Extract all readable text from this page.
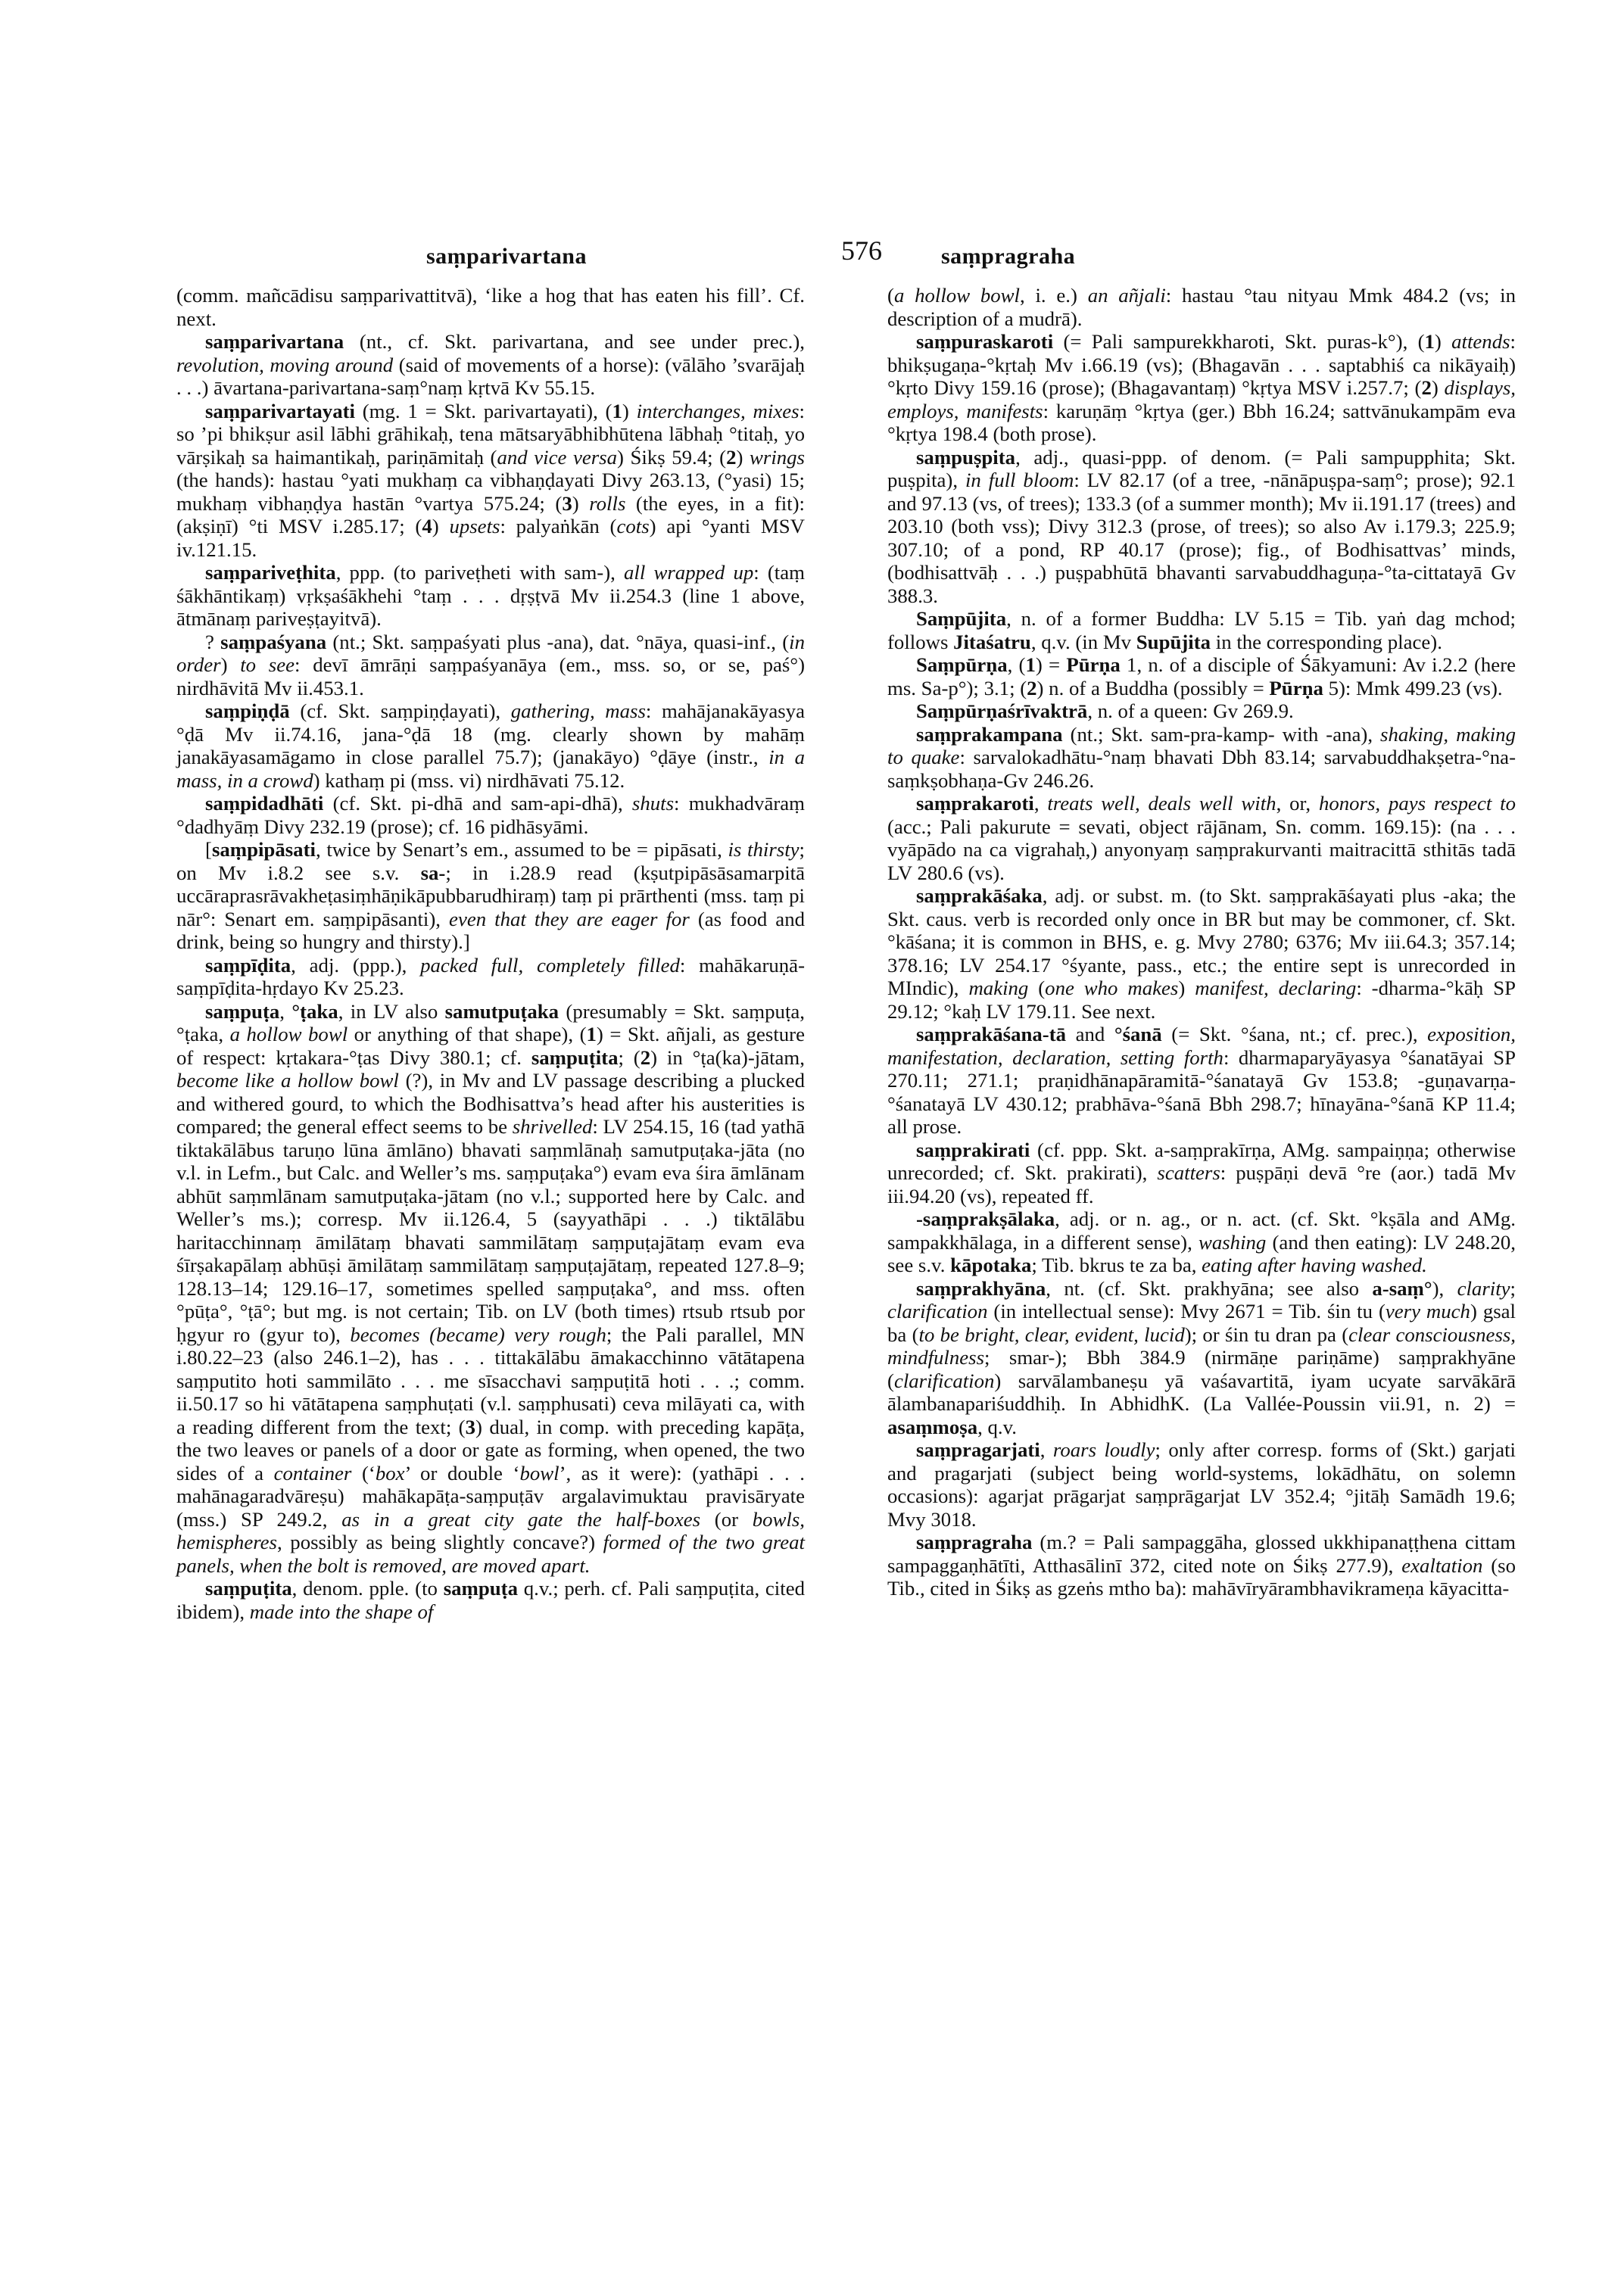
saṃparivartana	576	saṃpragraha

(comm. mañcādisu saṃparivattitvā), ‘like a hog that has eaten his fill’. Cf. next.

saṃparivartana (nt., cf. Skt. parivartana, and see under prec.), revolution, moving around (said of movements of a horse): (vālāho ’svarājaḥ . . .) āvartana-parivartana-saṃ°naṃ kṛtvā Kv 55.15.

saṃparivartayati (mg. 1 = Skt. parivartayati), (1) interchanges, mixes: so ’pi bhikṣur asil lābhi grāhikaḥ, tena mātsaryābhibhūtena lābhaḥ °titaḥ, yo vārṣikaḥ sa haimantikaḥ, pariṇāmitaḥ (and vice versa) Śikṣ 59.4; (2) wrings (the hands): hastau °yati mukhaṃ ca vibhaṇḍayati Divy 263.13, (°yasi) 15; mukhaṃ vibhaṇḍya hastān °vartya 575.24; (3) rolls (the eyes, in a fit): (akṣiṇī) °ti MSV i.285.17; (4) upsets: palyaṅkān (cots) api °yanti MSV iv.121.15.

saṃpariveṭhita, ppp. (to pariveṭheti with sam-), all wrapped up: (taṃ śākhāntikaṃ) vṛkṣaśākhehi °taṃ . . . dṛṣṭvā Mv ii.254.3 (line 1 above, ātmānaṃ pariveṣṭayitvā).

? saṃpaśyana (nt.; Skt. saṃpaśyati plus -ana), dat. °nāya, quasi-inf., (in order) to see: devī āmrāṇi saṃpaśyanāya (em., mss. so, or se, paś°) nirdhāvitā Mv ii.453.1.

saṃpiṇḍā (cf. Skt. saṃpiṇḍayati), gathering, mass: mahājanakāyasya °ḍā Mv ii.74.16, jana-°ḍā 18 (mg. clearly shown by mahāṃ janakāyasamāgamo in close parallel 75.7); (janakāyo) °ḍāye (instr., in a mass, in a crowd) kathaṃ pi (mss. vi) nirdhāvati 75.12.

saṃpidadhāti (cf. Skt. pi-dhā and sam-api-dhā), shuts: mukhadvāraṃ °dadhyāṃ Divy 232.19 (prose); cf. 16 pidhāsyāmi.

[saṃpipāsati, twice by Senart’s em., assumed to be = pipāsati, is thirsty; on Mv i.8.2 see s.v. sa-; in i.28.9 read (kṣutpipāsāsamarpitā uccāraprasrāvakheṭasiṃhāṇikāpubbarudhiraṃ) taṃ pi prārthenti (mss. taṃ pi nār°: Senart em. saṃpipāsanti), even that they are eager for (as food and drink, being so hungry and thirsty).]

saṃpīḍita, adj. (ppp.), packed full, completely filled: mahākaruṇā-saṃpīḍita-hṛdayo Kv 25.23.

saṃpuṭa, °ṭaka, in LV also samutpuṭaka (presumably = Skt. saṃpuṭa, °ṭaka, a hollow bowl or anything of that shape), (1) = Skt. añjali, as gesture of respect: kṛtakara-°ṭas Divy 380.1; cf. saṃpuṭita; (2) in °ṭa(ka)-jātam, become like a hollow bowl (?), in Mv and LV passage describing a plucked and withered gourd, to which the Bodhisattva’s head after his austerities is compared; the general effect seems to be shrivelled: LV 254.15, 16 (tad yathā tiktakālābus taruṇo lūna āmlāno) bhavati saṃmlānaḥ samutpuṭaka-jāta (no v.l. in Lefm., but Calc. and Weller’s ms. saṃpuṭaka°) evam eva śira āmlānam abhūt saṃmlānam samutpuṭaka-jātam (no v.l.; supported here by Calc. and Weller’s ms.); corresp. Mv ii.126.4, 5 (sayyathāpi . . .) tiktālābu haritacchinnaṃ āmilātaṃ bhavati sammilātaṃ saṃpuṭajātaṃ evam eva śīrṣakapālaṃ abhūṣi āmilātaṃ sammilātaṃ saṃpuṭajātaṃ, repeated 127.8–9; 128.13–14; 129.16–17, sometimes spelled saṃpuṭaka°, and mss. often °pūṭa°, °ṭā°; but mg. is not certain; Tib. on LV (both times) rtsub rtsub por ḥgyur ro (gyur to), becomes (became) very rough; the Pali parallel, MN i.80.22–23 (also 246.1–2), has . . . tittakālābu āmakacchinno vātātapena saṃputito hoti sammilāto . . . me sīsacchavi saṃpuṭitā hoti . . .; comm. ii.50.17 so hi vātātapena saṃphuṭati (v.l. saṃphusati) ceva milāyati ca, with a reading different from the text; (3) dual, in comp. with preceding kapāṭa, the two leaves or panels of a door or gate as forming, when opened, the two sides of a container (‘box’ or double ‘bowl’, as it were): (yathāpi . . . mahānagaradvāreṣu) mahākapāṭa-saṃpuṭāv argalavimuktau pravisāryate (mss.) SP 249.2, as in a great city gate the half-boxes (or bowls, hemispheres, possibly as being slightly concave?) formed of the two great panels, when the bolt is removed, are moved apart.

saṃpuṭita, denom. pple. (to saṃpuṭa q.v.; perh. cf. Pali saṃpuṭita, cited ibidem), made into the shape of

(a hollow bowl, i. e.) an añjali: hastau °tau nityau Mmk 484.2 (vs; in description of a mudrā).

saṃpuraskaroti (= Pali sampurekkharoti, Skt. puras-k°), (1) attends: bhikṣugaṇa-°kṛtaḥ Mv i.66.19 (vs); (Bhagavān . . . saptabhiś ca nikāyaiḥ) °kṛto Divy 159.16 (prose); (Bhagavantaṃ) °kṛtya MSV i.257.7; (2) displays, employs, manifests: karuṇāṃ °kṛtya (ger.) Bbh 16.24; sattvānukampām eva °kṛtya 198.4 (both prose).

saṃpuṣpita, adj., quasi-ppp. of denom. (= Pali sampupphita; Skt. puṣpita), in full bloom: LV 82.17 (of a tree, -nānāpuṣpa-saṃ°; prose); 92.1 and 97.13 (vs, of trees); 133.3 (of a summer month); Mv ii.191.17 (trees) and 203.10 (both vss); Divy 312.3 (prose, of trees); so also Av i.179.3; 225.9; 307.10; of a pond, RP 40.17 (prose); fig., of Bodhisattvas’ minds, (bodhisattvāḥ . . .) puṣpabhūtā bhavanti sarvabuddhaguṇa-°ta-cittatayā Gv 388.3.

Saṃpūjita, n. of a former Buddha: LV 5.15 = Tib. yaṅ dag mchod; follows Jitaśatru, q.v. (in Mv Supūjita in the corresponding place).

Saṃpūrṇa, (1) = Pūrṇa 1, n. of a disciple of Śākyamuni: Av i.2.2 (here ms. Sa-p°); 3.1; (2) n. of a Buddha (possibly = Pūrṇa 5): Mmk 499.23 (vs).

Saṃpūrṇaśrīvaktrā, n. of a queen: Gv 269.9.

saṃprakampana (nt.; Skt. sam-pra-kamp- with -ana), shaking, making to quake: sarvalokadhātu-°naṃ bhavati Dbh 83.14; sarvabuddhakṣetra-°na-saṃkṣobhaṇa-Gv 246.26.

saṃprakaroti, treats well, deals well with, or, honors, pays respect to (acc.; Pali pakurute = sevati, object rājānam, Sn. comm. 169.15): (na . . . vyāpādo na ca vigrahaḥ,) anyonyaṃ saṃprakurvanti maitracittā sthitās tadā LV 280.6 (vs).

saṃprakāśaka, adj. or subst. m. (to Skt. saṃprakāśayati plus -aka; the Skt. caus. verb is recorded only once in BR but may be commoner, cf. Skt. °kāśana; it is common in BHS, e. g. Mvy 2780; 6376; Mv iii.64.3; 357.14; 378.16; LV 254.17 °śyante, pass., etc.; the entire sept is unrecorded in MIndic), making (one who makes) manifest, declaring: -dharma-°kāḥ SP 29.12; °kaḥ LV 179.11. See next.

saṃprakāśana-tā and °śanā (= Skt. °śana, nt.; cf. prec.), exposition, manifestation, declaration, setting forth: dharmaparyāyasya °śanatāyai SP 270.11; 271.1; praṇidhānapāramitā-°śanatayā Gv 153.8; -guṇavarṇa-°śanatayā LV 430.12; prabhāva-°śanā Bbh 298.7; hīnayāna-°śanā KP 11.4; all prose.

saṃprakirati (cf. ppp. Skt. a-saṃprakīrṇa, AMg. sampaiṇṇa; otherwise unrecorded; cf. Skt. prakirati), scatters: puṣpāṇi devā °re (aor.) tadā Mv iii.94.20 (vs), repeated ff.

-saṃprakṣālaka, adj. or n. ag., or n. act. (cf. Skt. °kṣāla and AMg. sampakkhālaga, in a different sense), washing (and then eating): LV 248.20, see s.v. kāpotaka; Tib. bkrus te za ba, eating after having washed.

saṃprakhyāna, nt. (cf. Skt. prakhyāna; see also a-saṃ°), clarity; clarification (in intellectual sense): Mvy 2671 = Tib. śin tu (very much) gsal ba (to be bright, clear, evident, lucid); or śin tu dran pa (clear consciousness, mindfulness; smar-); Bbh 384.9 (nirmāṇe pariṇāme) saṃprakhyāne (clarification) sarvālambaneṣu yā vaśavartitā, iyam ucyate sarvākārā ālambanapariśuddhiḥ. In AbhidhK. (La Vallée-Poussin vii.91, n. 2) = asaṃmoṣa, q.v.

saṃpragarjati, roars loudly; only after corresp. forms of (Skt.) garjati and pragarjati (subject being world-systems, lokādhātu, on solemn occasions): agarjat prāgarjat saṃprāgarjat LV 352.4; °jitāḥ Samādh 19.6; Mvy 3018.

saṃpragraha (m.? = Pali sampaggāha, glossed ukkhipanaṭṭhena cittam sampaggaṇhātīti, Atthasālinī 372, cited note on Śikṣ 277.9), exaltation (so Tib., cited in Śikṣ as gzeṅs mtho ba): mahāvīryārambhavikrameṇa kāyacitta-
